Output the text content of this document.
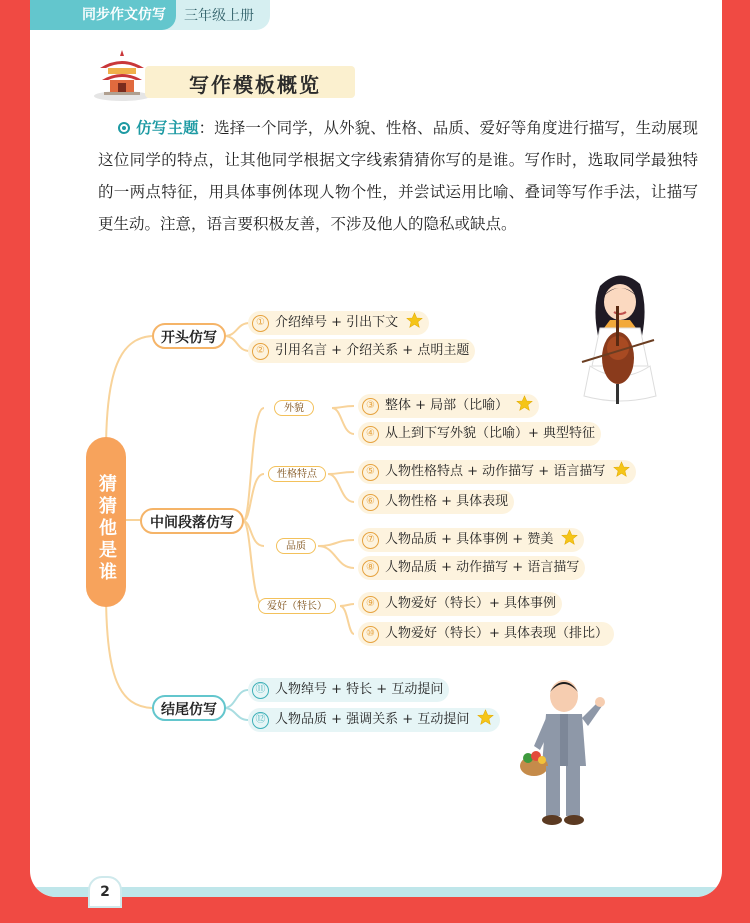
同步作文仿写	三年级上册
写作模板概览
仿写主题：选择一个同学，从外貌、性格、品质、爱好等角度进行描写，生动展现这位同学的特点，让其他同学根据文字线索猜猜你写的是谁。写作时，选取同学最独特的一两点特征，用具体事例体现人物个性，并尝试运用比喻、叠词等写作手法，让描写更生动。注意，语言要积极友善，不涉及他人的隐私或缺点。
猜猜他是谁
开头仿写
中间段落仿写
结尾仿写
外貌
性格特点
品质
爱好（特长）
① 介绍绰号 + 引出下文
② 引用名言 + 介绍关系 + 点明主题
③ 整体 + 局部（比喻）
④ 从上到下写外貌（比喻）+ 典型特征
⑤ 人物性格特点 + 动作描写 + 语言描写
⑥ 人物性格 + 具体表现
⑦ 人物品质 + 具体事例 + 赞美
⑧ 人物品质 + 动作描写 + 语言描写
⑨ 人物爱好（特长）+ 具体事例
⑩ 人物爱好（特长）+ 具体表现（排比）
⑪ 人物绰号 + 特长 + 互动提问
⑫ 人物品质 + 强调关系 + 互动提问
2
